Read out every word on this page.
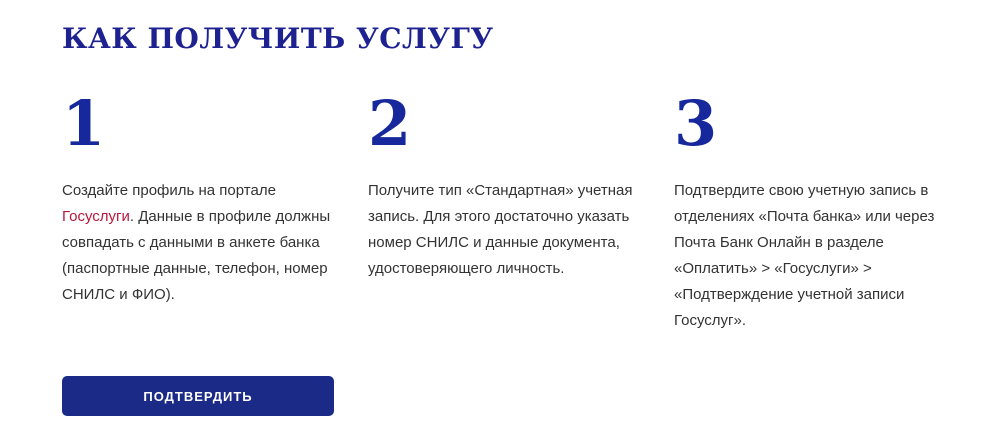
КАК ПОЛУЧИТЬ УСЛУГУ
1

Создайте профиль на портале Госуслуги. Данные в профиле должны совпадать с данными в анкете банка (паспортные данные, телефон, номер СНИЛС и ФИО).

2

Получите тип «Стандартная» учетная запись. Для этого достаточно указать номер СНИЛС и данные документа, удостоверяющего личность.

3

Подтвердите свою учетную запись в отделениях «Почта банка» или через Почта Банк Онлайн в разделе «Оплатить» > «Госуслуги» > «Подтверждение учетной записи Госуслуг».

ПОДТВЕРДИТЬ
